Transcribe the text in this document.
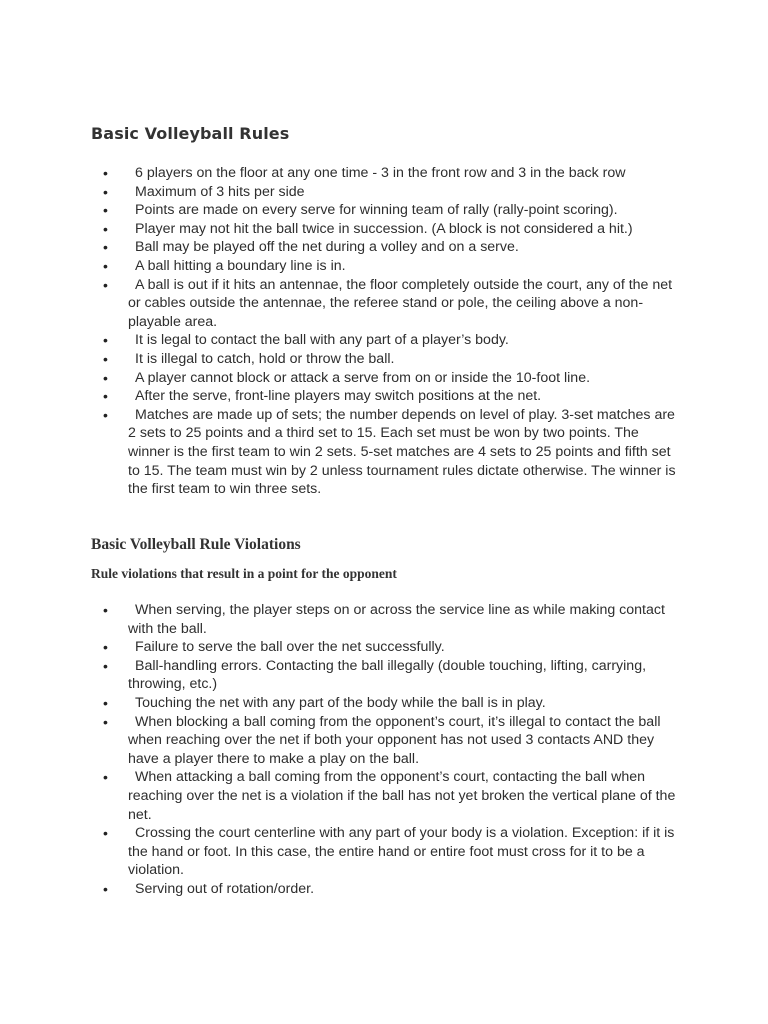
Basic Volleyball Rules
• 6 players on the floor at any one time - 3 in the front row and 3 in the back row
• Maximum of 3 hits per side
• Points are made on every serve for winning team of rally (rally-point scoring).
• Player may not hit the ball twice in succession. (A block is not considered a hit.)
• Ball may be played off the net during a volley and on a serve.
• A ball hitting a boundary line is in.
• A ball is out if it hits an antennae, the floor completely outside the court, any of the net or cables outside the antennae, the referee stand or pole, the ceiling above a non-playable area.
• It is legal to contact the ball with any part of a player’s body.
• It is illegal to catch, hold or throw the ball.
• A player cannot block or attack a serve from on or inside the 10-foot line.
• After the serve, front-line players may switch positions at the net.
• Matches are made up of sets; the number depends on level of play. 3-set matches are 2 sets to 25 points and a third set to 15. Each set must be won by two points. The winner is the first team to win 2 sets. 5-set matches are 4 sets to 25 points and fifth set to 15. The team must win by 2 unless tournament rules dictate otherwise. The winner is the first team to win three sets.
Basic Volleyball Rule Violations
Rule violations that result in a point for the opponent
• When serving, the player steps on or across the service line as while making contact with the ball.
• Failure to serve the ball over the net successfully.
• Ball-handling errors. Contacting the ball illegally (double touching, lifting, carrying, throwing, etc.)
• Touching the net with any part of the body while the ball is in play.
• When blocking a ball coming from the opponent’s court, it’s illegal to contact the ball when reaching over the net if both your opponent has not used 3 contacts AND they have a player there to make a play on the ball.
• When attacking a ball coming from the opponent’s court, contacting the ball when reaching over the net is a violation if the ball has not yet broken the vertical plane of the net.
• Crossing the court centerline with any part of your body is a violation. Exception: if it is the hand or foot. In this case, the entire hand or entire foot must cross for it to be a violation.
• Serving out of rotation/order.
